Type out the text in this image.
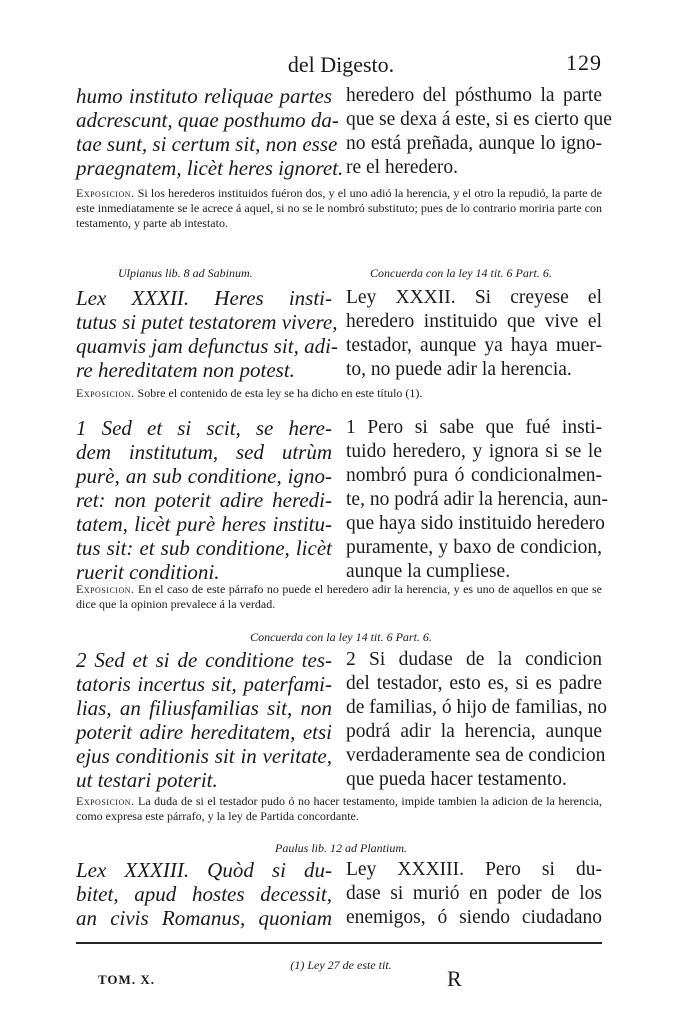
del Digesto.	129
humo instituto reliquae partes
adcrescunt, quae posthumo da-
tae sunt, si certum sit, non esse
praegnatem, licèt heres ignoret.
heredero del pósthumo la parte
que se dexa á este, si es cierto que
no está preñada, aunque lo igno-
re el heredero.
Exposicion. Si los herederos instituidos fuéron dos, y el uno adió la herencia, y el otro la repudió, la parte de este inmediatamente se le acrece á aquel, si no se le nombró substituto; pues de lo contrario moriria parte con testamento, y parte ab intestato.
Ulpianus lib. 8 ad Sabinum.	Concuerda con la ley 14 tit. 6 Part. 6.
Lex XXXII. Heres insti-
tutus si putet testatorem vivere,
quamvis jam defunctus sit, adi-
re hereditatem non potest.
Ley XXXII. Si creyese el
heredero instituido que vive el
testador, aunque ya haya muer-
to, no puede adir la herencia.
Exposicion. Sobre el contenido de esta ley se ha dicho en este título (1).
1 Sed et si scit, se here-
dem institutum, sed utrùm
purè, an sub conditione, igno-
ret: non poterit adire heredi-
tatem, licèt purè heres institu-
tus sit: et sub conditione, licèt
ruerit conditioni.
1 Pero si sabe que fué insti-
tuido heredero, y ignora si se le
nombró pura ó condicionalmen-
te, no podrá adir la herencia, aun-
que haya sido instituido heredero
puramente, y baxo de condicion,
aunque la cumpliese.
Exposicion. En el caso de este párrafo no puede el heredero adir la herencia, y es uno de aquellos en que se dice que la opinion prevalece á la verdad.
Concuerda con la ley 14 tit. 6 Part. 6.
2 Sed et si de conditione tes-
tatoris incertus sit, paterfami-
lias, an filiusfamilias sit, non
poterit adire hereditatem, etsi
ejus conditionis sit in veritate,
ut testari poterit.
2 Si dudase de la condicion
del testador, esto es, si es padre
de familias, ó hijo de familias, no
podrá adir la herencia, aunque
verdaderamente sea de condicion
que pueda hacer testamento.
Exposicion. La duda de si el testador pudo ó no hacer testamento, impide tambien la adicion de la herencia, como expresa este párrafo, y la ley de Partida concordante.
Paulus lib. 12 ad Plantium.
Lex XXXIII. Quòd si du-
bitet, apud hostes decessit,
an civis Romanus, quoniam
Ley XXXIII. Pero si du-
dase si murió en poder de los
enemigos, ó siendo ciudadano
(1) Ley 27 de este tit.
TOM. X.	R
